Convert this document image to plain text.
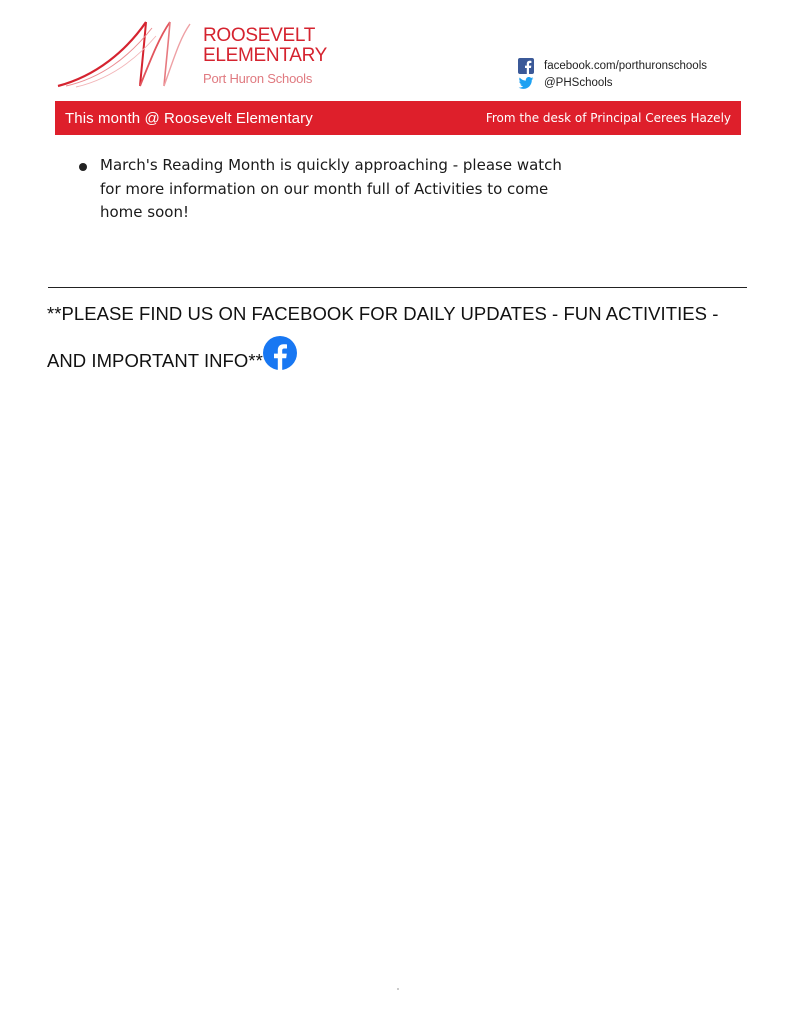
ROOSEVELT
ELEMENTARY
Port Huron Schools
facebook.com/porthuronschools
@PHSchools
This month @ Roosevelt Elementary	From the desk of Principal Cerees Hazely
March's Reading Month is quickly approaching - please watch for more information on our month full of Activities to come home soon!
**PLEASE FIND US ON FACEBOOK FOR DAILY UPDATES - FUN ACTIVITIES - AND IMPORTANT INFO**
